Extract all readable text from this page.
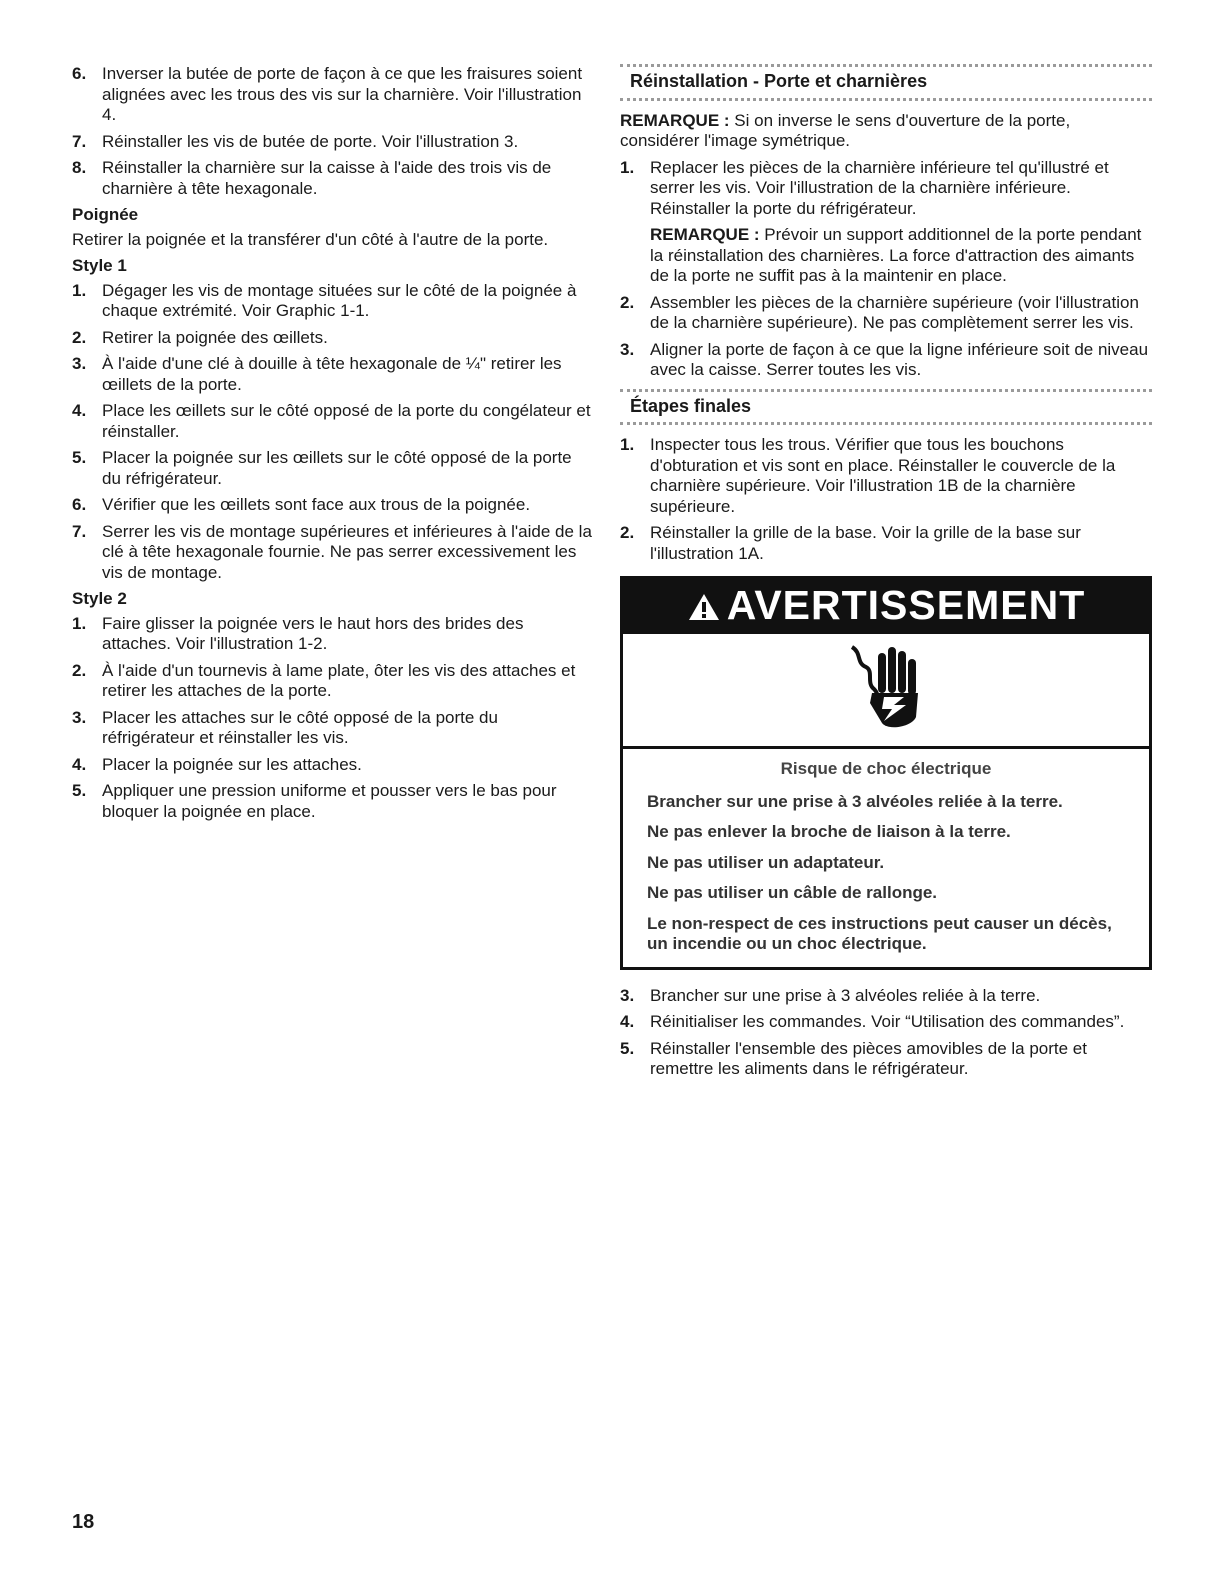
6. Inverser la butée de porte de façon à ce que les fraisures soient alignées avec les trous des vis sur la charnière. Voir l'illustration 4.
7. Réinstaller les vis de butée de porte. Voir l'illustration 3.
8. Réinstaller la charnière sur la caisse à l'aide des trois vis de charnière à tête hexagonale.
Poignée

Retirer la poignée et la transférer d'un côté à l'autre de la porte.

Style 1
1. Dégager les vis de montage situées sur le côté de la poignée à chaque extrémité. Voir Graphic 1-1.
2. Retirer la poignée des œillets.
3. À l'aide d'une clé à douille à tête hexagonale de ¼" retirer les œillets de la porte.
4. Place les œillets sur le côté opposé de la porte du congélateur et réinstaller.
5. Placer la poignée sur les œillets sur le côté opposé de la porte du réfrigérateur.
6. Vérifier que les œillets sont face aux trous de la poignée.
7. Serrer les vis de montage supérieures et inférieures à l'aide de la clé à tête hexagonale fournie. Ne pas serrer excessivement les vis de montage.
Style 2
1. Faire glisser la poignée vers le haut hors des brides des attaches. Voir l'illustration 1-2.
2. À l'aide d'un tournevis à lame plate, ôter les vis des attaches et retirer les attaches de la porte.
3. Placer les attaches sur le côté opposé de la porte du réfrigérateur et réinstaller les vis.
4. Placer la poignée sur les attaches.
5. Appliquer une pression uniforme et pousser vers le bas pour bloquer la poignée en place.
Réinstallation - Porte et charnières

REMARQUE : Si on inverse le sens d'ouverture de la porte, considérer l'image symétrique.

1. Replacer les pièces de la charnière inférieure tel qu'illustré et serrer les vis. Voir l'illustration de la charnière inférieure. Réinstaller la porte du réfrigérateur.
REMARQUE : Prévoir un support additionnel de la porte pendant la réinstallation des charnières. La force d'attraction des aimants de la porte ne suffit pas à la maintenir en place.
2. Assembler les pièces de la charnière supérieure (voir l'illustration de la charnière supérieure). Ne pas complètement serrer les vis.
3. Aligner la porte de façon à ce que la ligne inférieure soit de niveau avec la caisse. Serrer toutes les vis.
Étapes finales
1. Inspecter tous les trous. Vérifier que tous les bouchons d'obturation et vis sont en place. Réinstaller le couvercle de la charnière supérieure. Voir l'illustration 1B de la charnière supérieure.
2. Réinstaller la grille de la base. Voir la grille de la base sur l'illustration 1A.
AVERTISSEMENT
Risque de choc électrique
Brancher sur une prise à 3 alvéoles reliée à la terre.
Ne pas enlever la broche de liaison à la terre.
Ne pas utiliser un adaptateur.
Ne pas utiliser un câble de rallonge.
Le non-respect de ces instructions peut causer un décès, un incendie ou un choc électrique.
3. Brancher sur une prise à 3 alvéoles reliée à la terre.
4. Réinitialiser les commandes. Voir “Utilisation des commandes”.
5. Réinstaller l'ensemble des pièces amovibles de la porte et remettre les aliments dans le réfrigérateur.
18
